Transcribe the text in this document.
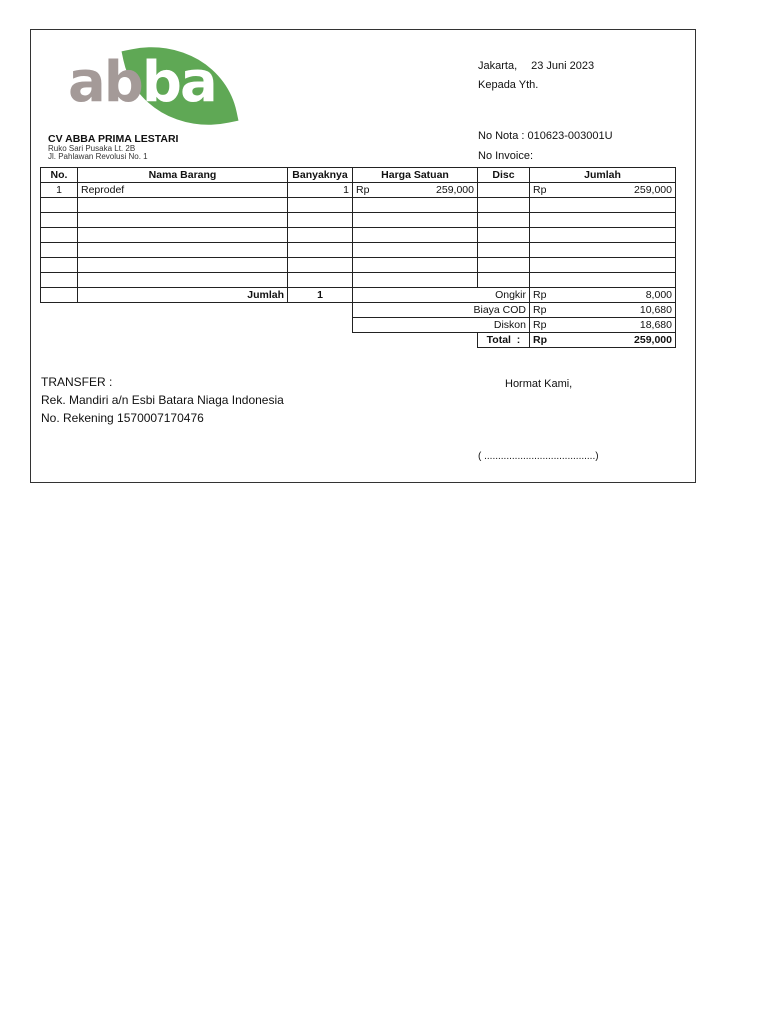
abba
CV ABBA PRIMA LESTARI
Ruko Sari Pusaka Lt. 2B
Jl. Pahlawan Revolusi No. 1
Jakarta, 23 Juni 2023
Kepada Yth.
No Nota : 010623-003001U
No Invoice:
No.	Nama Barang	Banyaknya	Harga Satuan	Disc	Jumlah
1	Reprodef	1	Rp 259,000		Rp 259,000

	Jumlah	1	Ongkir		Rp 8,000

			Biaya COD		Rp 10,680

			Diskon		Rp 18,680

				Total  :	Rp 259,000
TRANSFER :
Rek. Mandiri a/n Esbi Batara Niaga Indonesia
No. Rekening 1570007170476
Hormat Kami,
( ........................................)
